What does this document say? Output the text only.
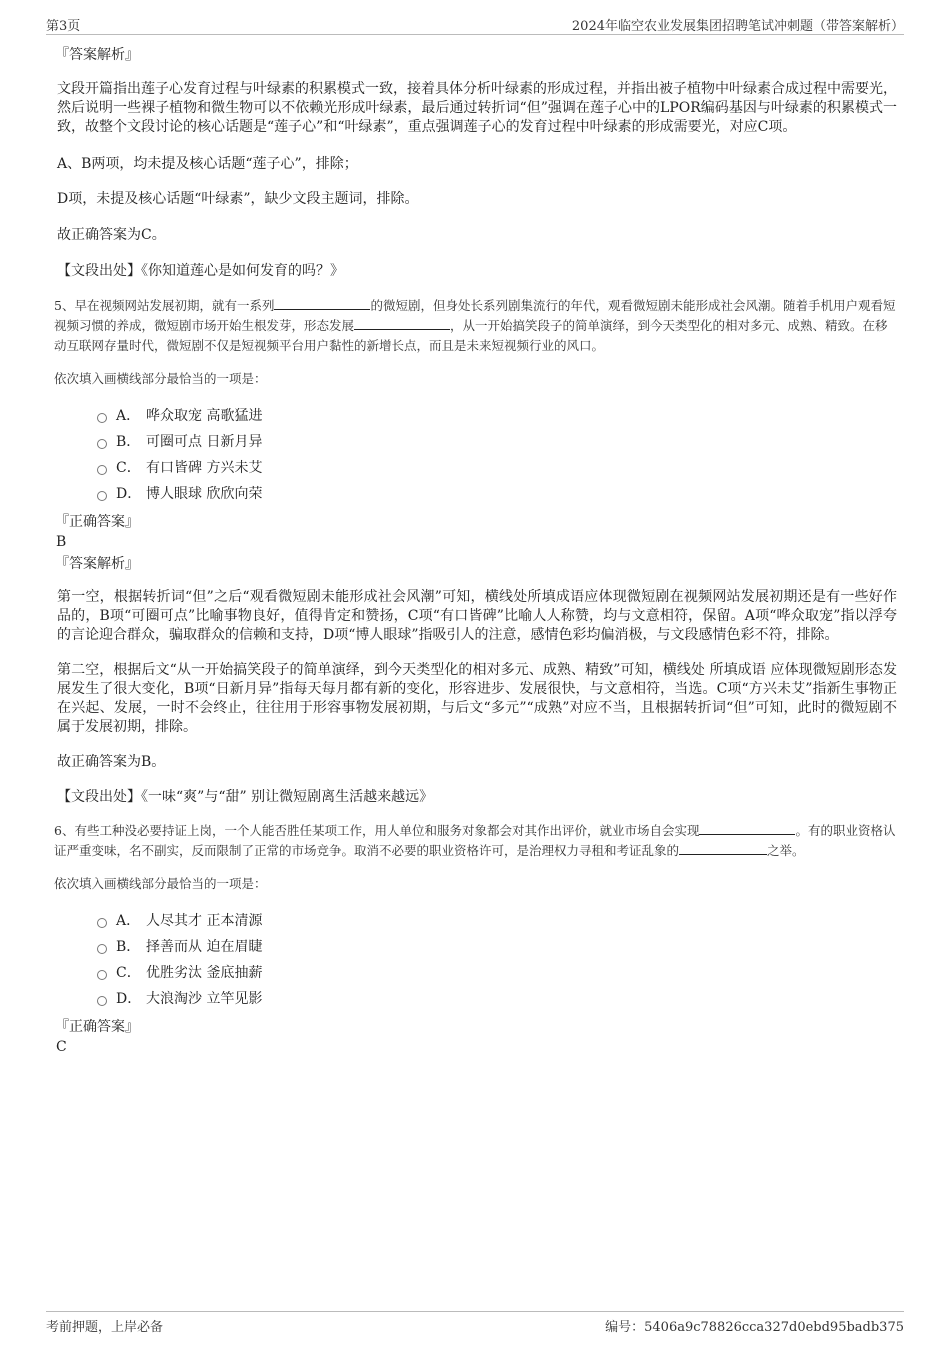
第3页	2024年临空农业发展集团招聘笔试冲刺题（带答案解析）

『答案解析』

文段开篇指出莲子心发育过程与叶绿素的积累模式一致，接着具体分析叶绿素的形成过程，并指出被子植物中叶绿素合成过程中需要光，然后说明一些裸子植物和微生物可以不依赖光形成叶绿素，最后通过转折词“但”强调在莲子心中的LPOR编码基因与叶绿素的积累模式一致，故整个文段讨论的核心话题是“莲子心”和“叶绿素”，重点强调莲子心的发育过程中叶绿素的形成需要光，对应C项。

A、B两项，均未提及核心话题“莲子心”，排除；

D项，未提及核心话题“叶绿素”，缺少文段主题词，排除。

故正确答案为C。

【文段出处】《你知道莲心是如何发育的吗？》

5、早在视频网站发展初期，就有一系列	的微短剧，但身处长系列剧集流行的年代，观看微短剧未能形成社会风潮。随着手机用户观看短视频习惯的养成，微短剧市场开始生根发芽，形态发展	，从一开始搞笑段子的简单演绎，到今天类型化的相对多元、成熟、精致。在移动互联网存量时代，微短剧不仅是短视频平台用户黏性的新增长点，而且是未来短视频行业的风口。

依次填入画横线部分最恰当的一项是：

A． 哗众取宠 高歌猛进
B． 可圈可点 日新月异
C． 有口皆碑 方兴未艾
D． 博人眼球 欣欣向荣

『正确答案』

B

『答案解析』

第一空，根据转折词“但”之后“观看微短剧未能形成社会风潮”可知，横线处所填成语应体现微短剧在视频网站发展初期还是有一些好作品的，B项“可圈可点”比喻事物良好，值得肯定和赞扬，C项“有口皆碑”比喻人人称赞，均与文意相符，保留。A项“哗众取宠”指以浮夸的言论迎合群众，骗取群众的信赖和支持，D项“博人眼球”指吸引人的注意，感情色彩均偏消极，与文段感情色彩不符，排除。

第二空，根据后文“从一开始搞笑段子的简单演绎，到今天类型化的相对多元、成熟、精致”可知，横线处 所填成语 应体现微短剧形态发展发生了很大变化，B项“日新月异”指每天每月都有新的变化，形容进步、发展很快，与文意相符，当选。C项“方兴未艾”指新生事物正在兴起、发展，一时不会终止，往往用于形容事物发展初期，与后文“多元”“成熟”对应不当，且根据转折词“但”可知，此时的微短剧不属于发展初期，排除。

故正确答案为B。

【文段出处】《一味“爽”与“甜” 别让微短剧离生活越来越远》

6、有些工种没必要持证上岗，一个人能否胜任某项工作，用人单位和服务对象都会对其作出评价，就业市场自会实现	。有的职业资格认证严重变味，名不副实，反而限制了正常的市场竞争。取消不必要的职业资格许可，是治理权力寻租和考证乱象的	之举。

依次填入画横线部分最恰当的一项是：

A． 人尽其才 正本清源
B． 择善而从 迫在眉睫
C． 优胜劣汰 釜底抽薪
D． 大浪淘沙 立竿见影

『正确答案』

C

考前押题，上岸必备	编号：5406a9c78826cca327d0ebd95badb375
